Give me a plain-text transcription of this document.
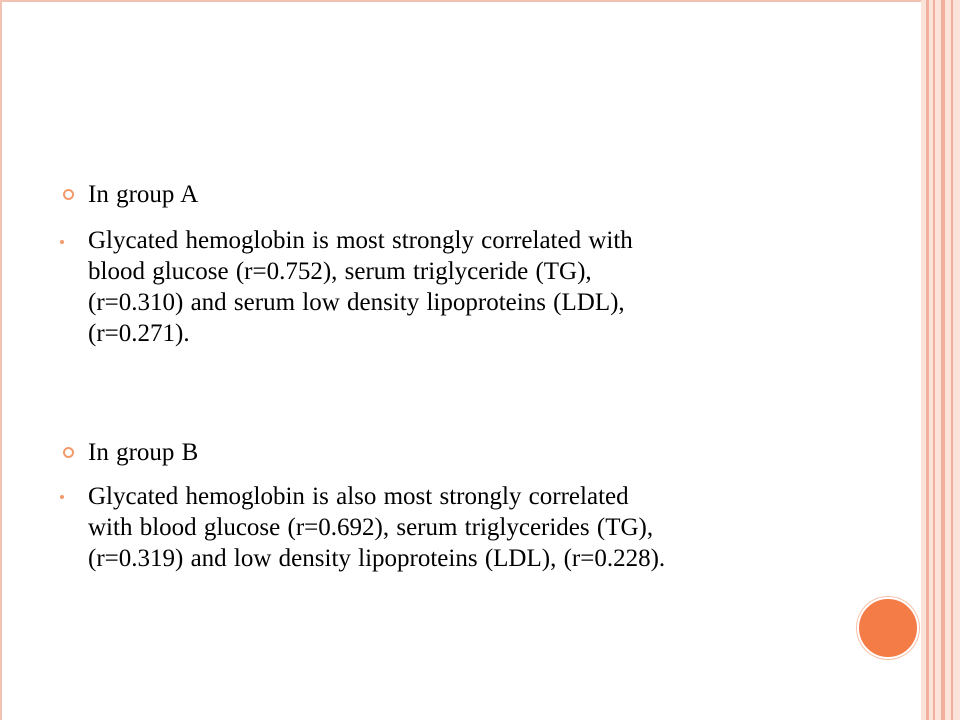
In group A
Glycated hemoglobin is most strongly correlated with
blood glucose (r=0.752), serum triglyceride (TG),
(r=0.310) and serum low density lipoproteins (LDL),
(r=0.271).
In group B
Glycated hemoglobin is also most strongly correlated
with blood glucose (r=0.692), serum triglycerides (TG),
(r=0.319) and low density lipoproteins (LDL), (r=0.228).
